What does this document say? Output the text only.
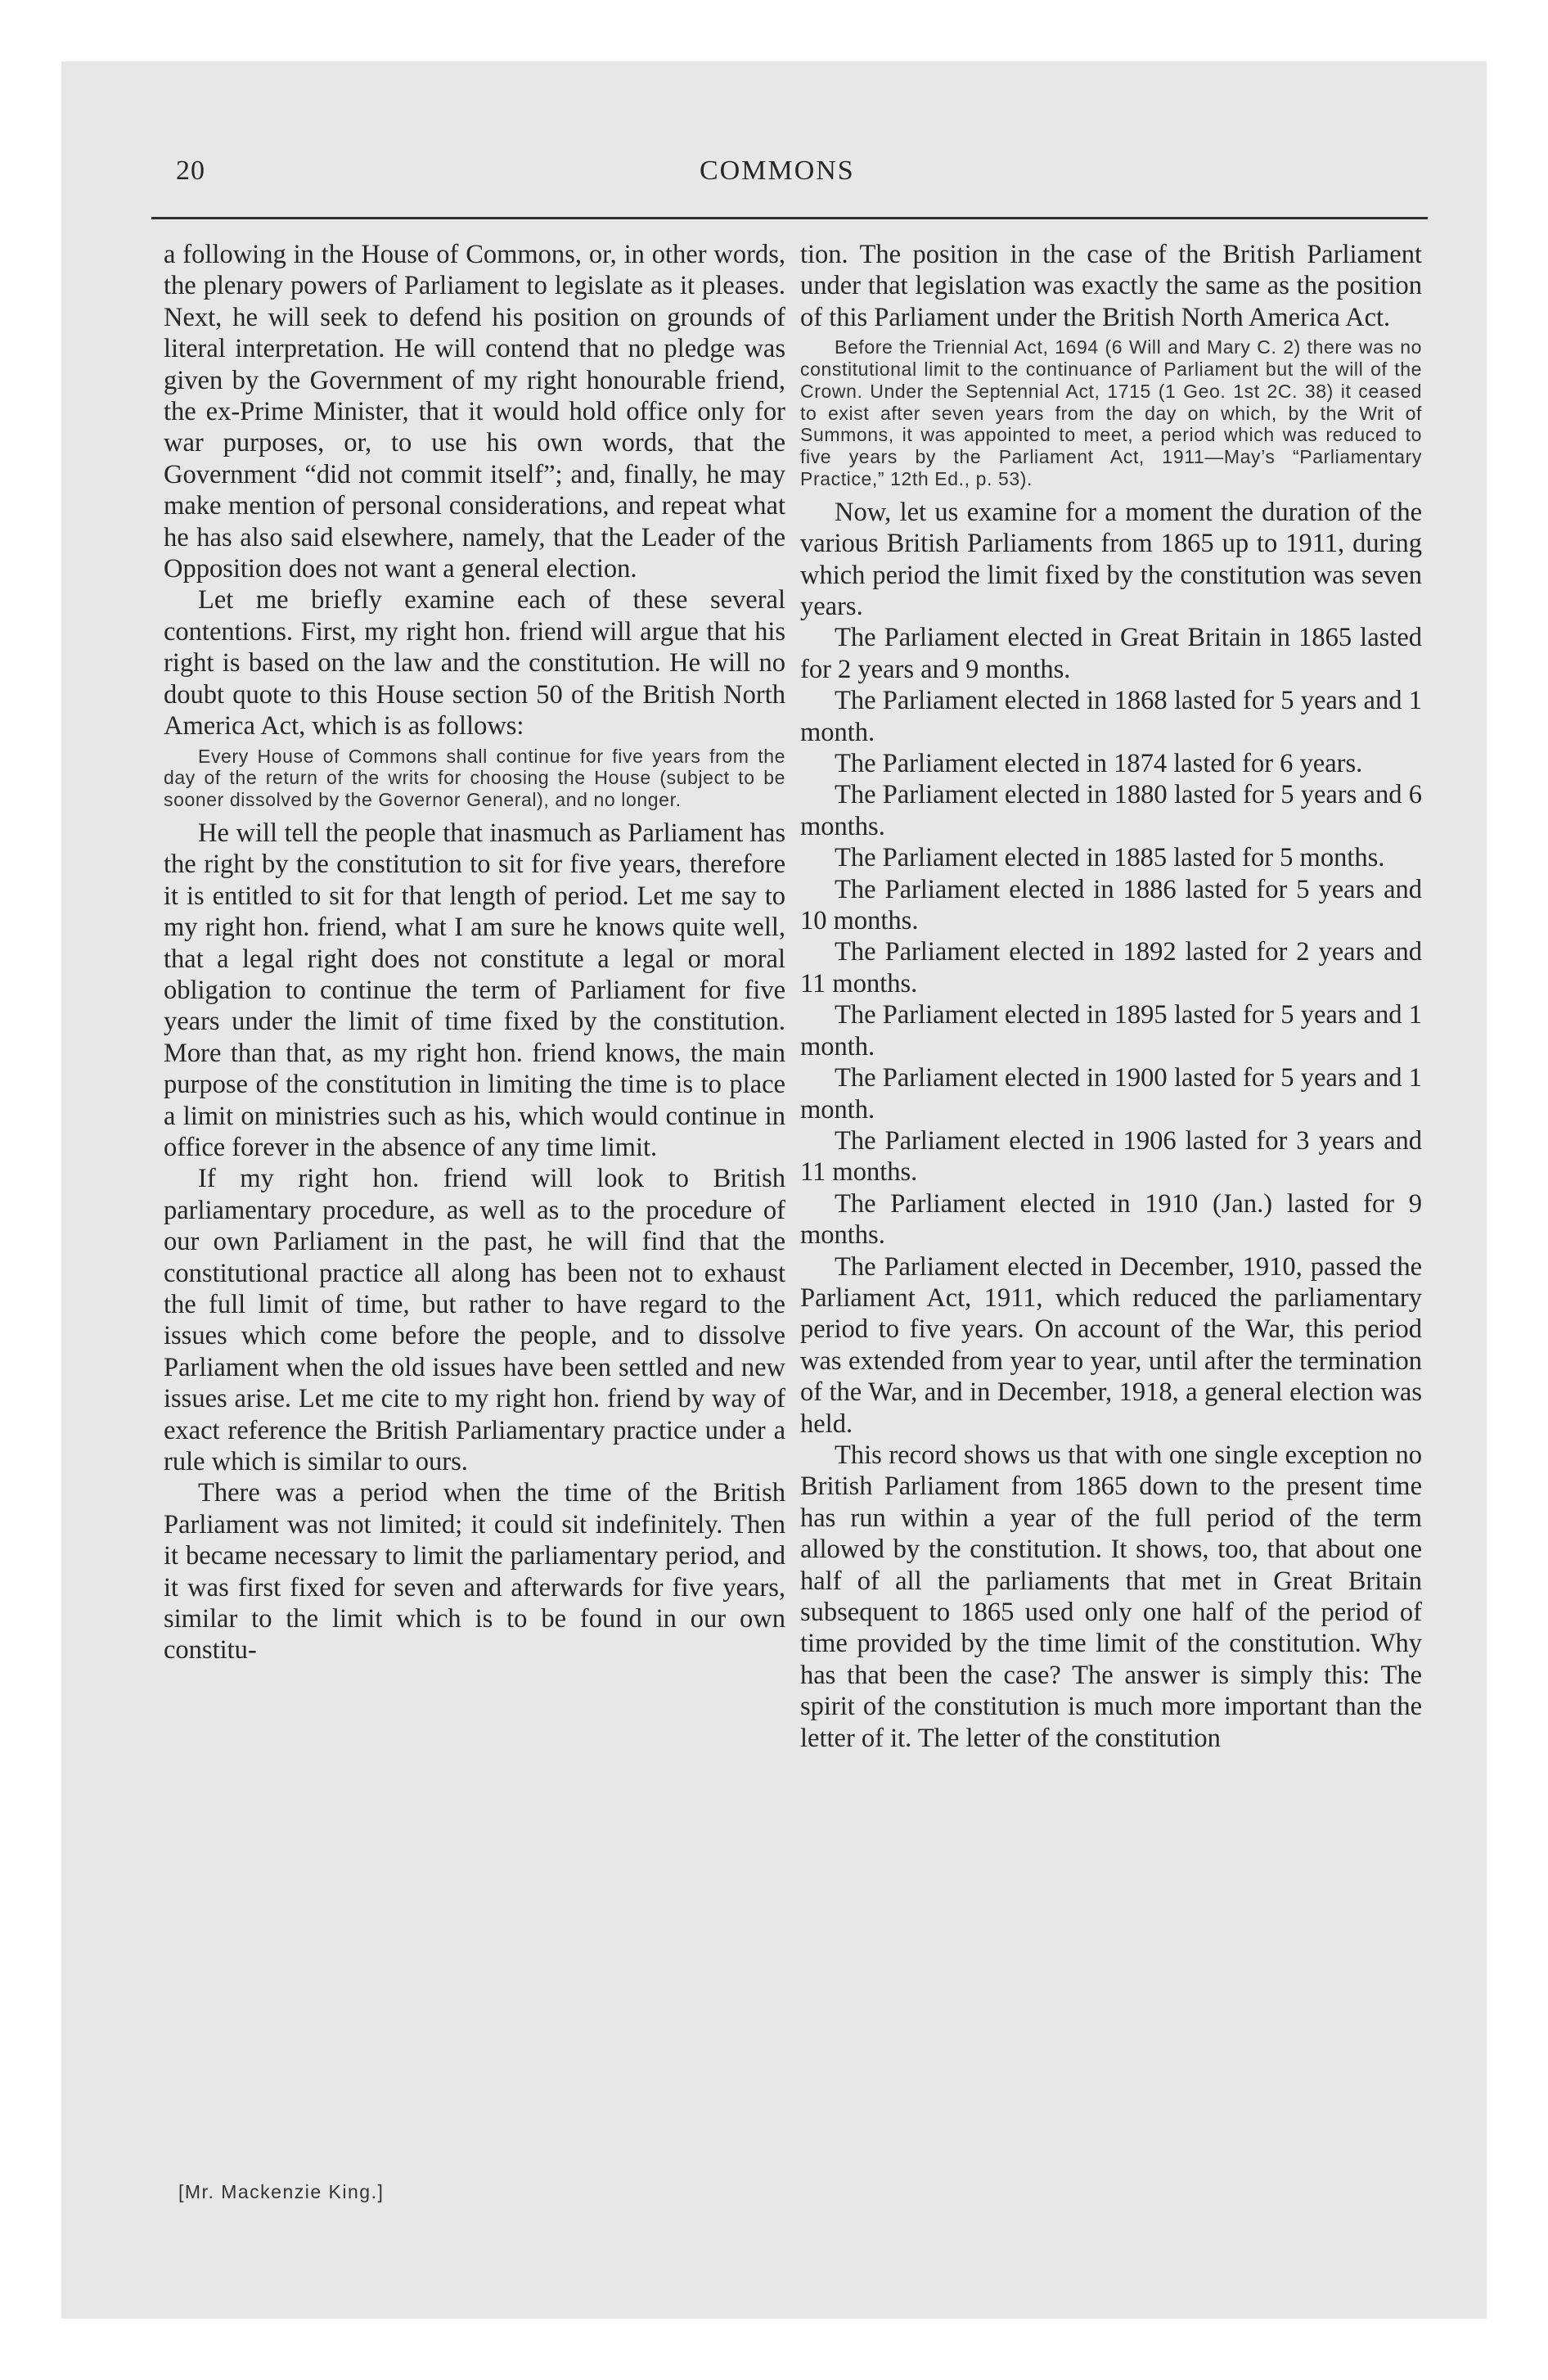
20	COMMONS

a following in the House of Commons, or, in other words, the plenary powers of Parliament to legislate as it pleases. Next, he will seek to defend his position on grounds of literal interpretation. He will contend that no pledge was given by the Government of my right honourable friend, the ex-Prime Minister, that it would hold office only for war purposes, or, to use his own words, that the Government “did not commit itself”; and, finally, he may make mention of personal considerations, and repeat what he has also said elsewhere, namely, that the Leader of the Opposition does not want a general election.

Let me briefly examine each of these several contentions. First, my right hon. friend will argue that his right is based on the law and the constitution. He will no doubt quote to this House section 50 of the British North America Act, which is as follows:

Every House of Commons shall continue for five years from the day of the return of the writs for choosing the House (subject to be sooner dissolved by the Governor General), and no longer.

He will tell the people that inasmuch as Parliament has the right by the constitution to sit for five years, therefore it is entitled to sit for that length of period. Let me say to my right hon. friend, what I am sure he knows quite well, that a legal right does not constitute a legal or moral obligation to continue the term of Parliament for five years under the limit of time fixed by the constitution. More than that, as my right hon. friend knows, the main purpose of the constitution in limiting the time is to place a limit on ministries such as his, which would continue in office forever in the absence of any time limit.

If my right hon. friend will look to British parliamentary procedure, as well as to the procedure of our own Parliament in the past, he will find that the constitutional practice all along has been not to exhaust the full limit of time, but rather to have regard to the issues which come before the people, and to dissolve Parliament when the old issues have been settled and new issues arise. Let me cite to my right hon. friend by way of exact reference the British Parliamentary practice under a rule which is similar to ours.

There was a period when the time of the British Parliament was not limited; it could sit indefinitely. Then it became necessary to limit the parliamentary period, and it was first fixed for seven and afterwards for five years, similar to the limit which is to be found in our own constitu-

tion. The position in the case of the British Parliament under that legislation was exactly the same as the position of this Parliament under the British North America Act.

Before the Triennial Act, 1694 (6 Will and Mary C. 2) there was no constitutional limit to the continuance of Parliament but the will of the Crown. Under the Septennial Act, 1715 (1 Geo. 1st 2C. 38) it ceased to exist after seven years from the day on which, by the Writ of Summons, it was appointed to meet, a period which was reduced to five years by the Parliament Act, 1911—May’s “Parliamentary Practice,” 12th Ed., p. 53).

Now, let us examine for a moment the duration of the various British Parliaments from 1865 up to 1911, during which period the limit fixed by the constitution was seven years.

The Parliament elected in Great Britain in 1865 lasted for 2 years and 9 months.

The Parliament elected in 1868 lasted for 5 years and 1 month.

The Parliament elected in 1874 lasted for 6 years.

The Parliament elected in 1880 lasted for 5 years and 6 months.

The Parliament elected in 1885 lasted for 5 months.

The Parliament elected in 1886 lasted for 5 years and 10 months.

The Parliament elected in 1892 lasted for 2 years and 11 months.

The Parliament elected in 1895 lasted for 5 years and 1 month.

The Parliament elected in 1900 lasted for 5 years and 1 month.

The Parliament elected in 1906 lasted for 3 years and 11 months.

The Parliament elected in 1910 (Jan.) lasted for 9 months.

The Parliament elected in December, 1910, passed the Parliament Act, 1911, which reduced the parliamentary period to five years. On account of the War, this period was extended from year to year, until after the termination of the War, and in December, 1918, a general election was held.

This record shows us that with one single exception no British Parliament from 1865 down to the present time has run within a year of the full period of the term allowed by the constitution. It shows, too, that about one half of all the parliaments that met in Great Britain subsequent to 1865 used only one half of the period of time provided by the time limit of the constitution. Why has that been the case? The answer is simply this: The spirit of the constitution is much more important than the letter of it. The letter of the constitution

[Mr. Mackenzie King.]
